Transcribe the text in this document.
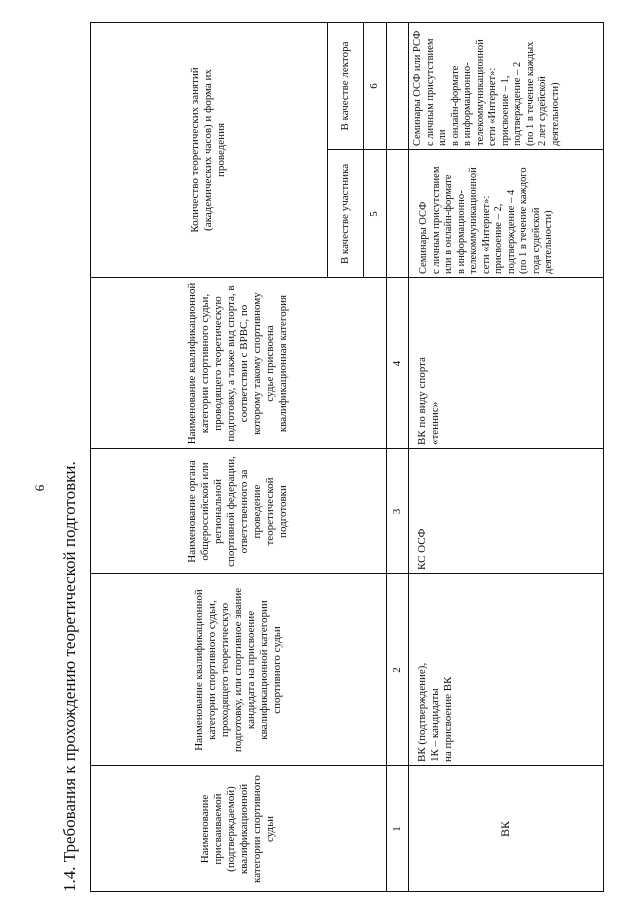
9 1.4. Требования к прохождению теоретической подготовки.	Наименование присваиваемой (подтверждаемой) квалификационной категории спортивного судьи
Наименование квалификационной категории спортивного судьи, проходящего теоретическую подготовку, или спортивное звание кандидата на присвоение квалификационной категории спортивного судьи
Наименование органа общероссийской или региональной спортивной федерации, ответственного за проведение теоретической подготовки
Наименование квалификационной категории спортивного судьи, проводящего теоретическую подготовку, а также вид спорта, в соответствии с ВРВС, по которому такому спортивному судье присвоена квалификационная категория
Количество теоретических занятий (академических часов) и форма их проведения
В качестве участника
В качестве лектора
5
6
1
2
3
4
ВК
ВК (подтверждение),
1К – кандидаты
на присвоение ВК
КС ОСФ
ВК по виду спорта
«теннис»
Семинары ОСФ
с личным присутствием
или в онлайн-формате
в информационно-
телекоммуникационной
сети «Интернет»:
присвоение – 2,
подтверждение – 4
(по 1 в течение каждого
года судейской
деятельности)
Семинары ОСФ или РСФ
с личным присутствием
или
в онлайн-формате
в информационно-
телекоммуникационной
сети «Интернет»:
присвоение – 1,
подтверждение – 2
(по 1 в течение каждых
2 лет судейской
деятельности)
